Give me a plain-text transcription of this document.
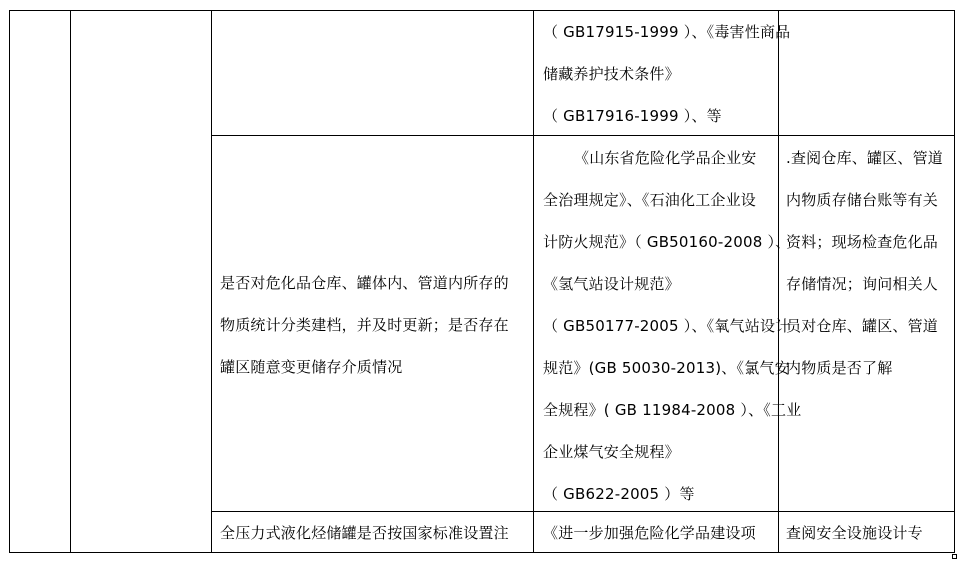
（ GB17915-1999 ）、《毒害性商品
储藏养护技术条件》
（ GB17916-1999 ）、等
是否对危化品仓库、罐体内、管道内所存的
物质统计分类建档，并及时更新；是否存在
罐区随意变更储存介质情况
《山东省危险化学品企业安
全治理规定》、《石油化工企业设
计防火规范》（ GB50160-2008 ）、
《氢气站设计规范》
（ GB50177-2005 ）、《氧气站设计
规范》(GB 50030-2013)、《氯气安
全规程》( GB 11984-2008 ）、《工业
企业煤气安全规程》
（ GB622-2005 ）等
.查阅仓库、罐区、管道
内物质存储台账等有关
资料；现场检查危化品
存储情况；询问相关人
员对仓库、罐区、管道
内物质是否了解
全压力式液化烃储罐是否按国家标准设置注 《进一步加强危险化学品建设项 查阅安全设施设计专
